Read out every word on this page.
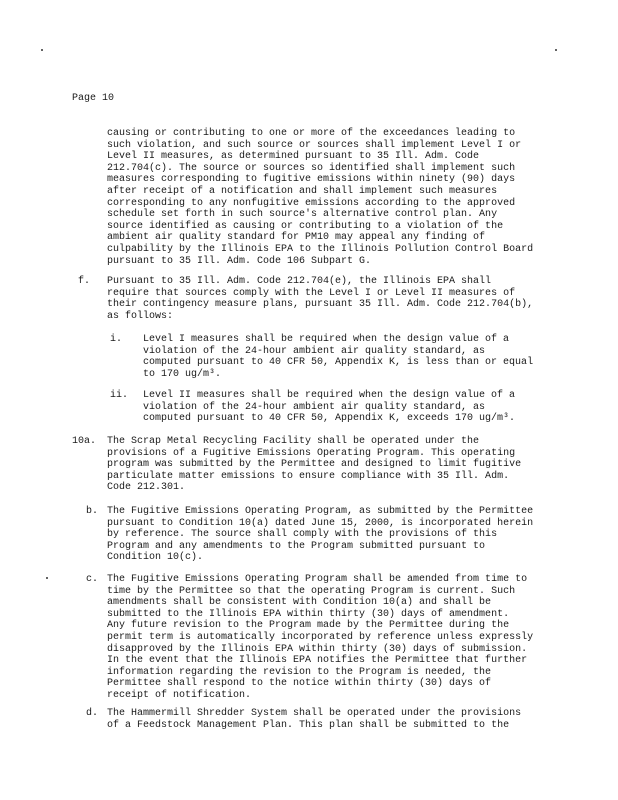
Page 10
causing or contributing to one or more of the exceedances leading to
such violation, and such source or sources shall implement Level I or
Level II measures, as determined pursuant to 35 Ill. Adm. Code
212.704(c). The source or sources so identified shall implement such
measures corresponding to fugitive emissions within ninety (90) days
after receipt of a notification and shall implement such measures
corresponding to any nonfugitive emissions according to the approved
schedule set forth in such source's alternative control plan. Any
source identified as causing or contributing to a violation of the
ambient air quality standard for PM10 may appeal any finding of
culpability by the Illinois EPA to the Illinois Pollution Control Board
pursuant to 35 Ill. Adm. Code 106 Subpart G.
f. Pursuant to 35 Ill. Adm. Code 212.704(e), the Illinois EPA shall
require that sources comply with the Level I or Level II measures of
their contingency measure plans, pursuant 35 Ill. Adm. Code 212.704(b),
as follows:
i. Level I measures shall be required when the design value of a
violation of the 24-hour ambient air quality standard, as
computed pursuant to 40 CFR 50, Appendix K, is less than or equal
to 170 ug/m³.
ii. Level II measures shall be required when the design value of a
violation of the 24-hour ambient air quality standard, as
computed pursuant to 40 CFR 50, Appendix K, exceeds 170 ug/m³.
10a. The Scrap Metal Recycling Facility shall be operated under the
provisions of a Fugitive Emissions Operating Program. This operating
program was submitted by the Permittee and designed to limit fugitive
particulate matter emissions to ensure compliance with 35 Ill. Adm.
Code 212.301.
b. The Fugitive Emissions Operating Program, as submitted by the Permittee
pursuant to Condition 10(a) dated June 15, 2000, is incorporated herein
by reference. The source shall comply with the provisions of this
Program and any amendments to the Program submitted pursuant to
Condition 10(c).
c. The Fugitive Emissions Operating Program shall be amended from time to
time by the Permittee so that the operating Program is current. Such
amendments shall be consistent with Condition 10(a) and shall be
submitted to the Illinois EPA within thirty (30) days of amendment.
Any future revision to the Program made by the Permittee during the
permit term is automatically incorporated by reference unless expressly
disapproved by the Illinois EPA within thirty (30) days of submission.
In the event that the Illinois EPA notifies the Permittee that further
information regarding the revision to the Program is needed, the
Permittee shall respond to the notice within thirty (30) days of
receipt of notification.
d. The Hammermill Shredder System shall be operated under the provisions
of a Feedstock Management Plan. This plan shall be submitted to the
